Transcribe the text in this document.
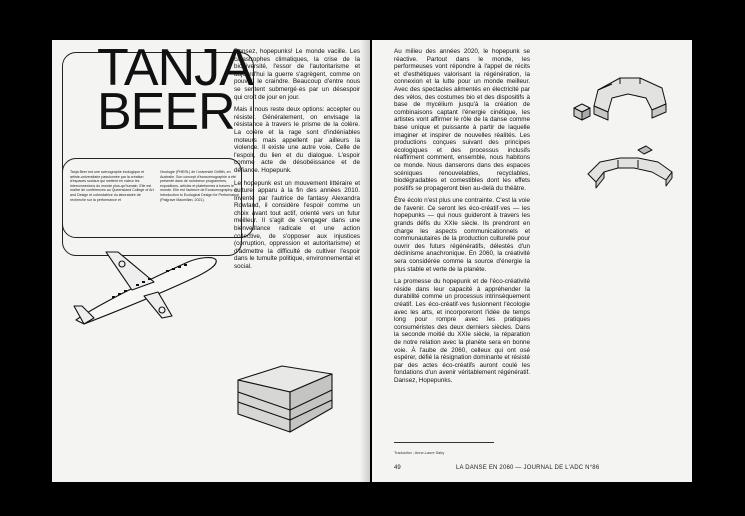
TANJA
BEER
Tanja Beer est une scénographe écologique et artiste-universitaire passionnée par la création d'espaces sociaux qui mettent en valeur les interconnexions du monde plus-qu'humain. Elle est maître de conférences au Queensland College of Art and Design et cofondatrice du laboratoire de recherche sur la performance et
l'écologie (PHERL) de l'université Griffith, en Australie. Son concept d'écoscénographie a été présenté dans de nombreux programmes, expositions, articles et plateformes à travers le monde. Elle est l'auteure de Ecoscenography: An Introduction to Ecological Design for Performance (Palgrave Macmillan, 2021).

Dansez, hopepunks! Le monde vacille. Les catastrophes climatiques, la crise de la biodiversité, l'essor de l'autoritarisme et aujourd'hui la guerre s'agrègent, comme on pouvait le craindre. Beaucoup d'entre nous se sentent submergé·es par un désespoir qui croît de jour en jour.

Mais il nous reste deux options: accepter ou résister. Généralement, on envisage la résistance à travers le prisme de la colère. La colère et la rage sont d'indéniables moteurs mais appellent par ailleurs la violence. Il existe une autre voie. Celle de l'espoir, du lien et du dialogue. L'espoir comme acte de désobéissance et de défiance. Hopepunk.

Le hopepunk est un mouvement littéraire et culturel apparu à la fin des années 2010. Inventé par l'autrice de fantasy Alexandra Rowland, il considère l'espoir comme un choix avant tout actif, orienté vers un futur meilleur. Il s'agit de s'engager dans une bienveillance radicale et une action collective, de s'opposer aux injustices (corruption, oppression et autoritarisme) et d'admettre la difficulté de cultiver l'espoir dans le tumulte politique, environnemental et social.

Au milieu des années 2020, le hopepunk se réactive. Partout dans le monde, les performeuses vont répondre à l'appel de récits et d'esthétiques valorisant la régénération, la connexion et la lutte pour un monde meilleur. Avec des spectacles alimentés en électricité par des vélos, des costumes bio et des dispositifs à base de mycélium jusqu'à la création de combinaisons captant l'énergie cinétique, les artistes vont affirmer le rôle de la danse comme base unique et puissante à partir de laquelle imaginer et inspirer de nouvelles réalités. Les productions conçues suivant des principes écologiques et des processus inclusifs réaffirment comment, ensemble, nous habitons ce monde. Nous danserons dans des espaces scéniques renouvelables, recyclables, biodégradables et comestibles dont les effets positifs se propageront bien au-delà du théâtre.

Être écolo n'est plus une contrainte. C'est la voie de l'avenir. Ce seront les éco-créatif·ves — les hopepunks — qui nous guideront à travers les grands défis du XXIe siècle. Ils prendront en charge les aspects communicationnels et communautaires de la production culturelle pour ouvrir des futurs régénératifs, délestés d'un déclinisme anachronique. En 2060, la créativité sera considérée comme la source d'énergie la plus stable et verte de la planète.

La promesse du hopepunk et de l'éco-créativité réside dans leur capacité à appréhender la durabilité comme un processus intrinsèquement créatif. Les éco-créatif·ves fusionnent l'écologie avec les arts, et incorporeront l'idée de temps long pour rompre avec les pratiques consuméristes des deux derniers siècles. Dans la seconde moitié du XXIe siècle, la réparation de notre relation avec la planète sera en bonne voie. À l'aube de 2060, celleux qui ont osé espérer, défié la résignation dominante et résisté par des actes éco-créatifs auront coulé les fondations d'un avenir véritablement régénératif. Dansez, Hopepunks.

Traduction : Anne-Laure Saby
49	LA DANSE EN 2060 — JOURNAL DE L'ADC N°86
